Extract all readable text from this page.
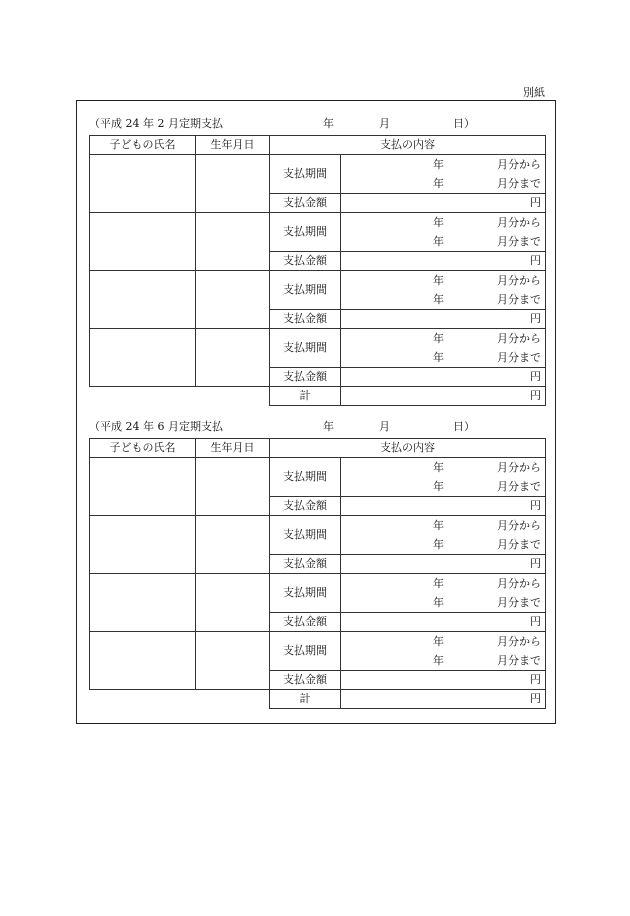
別紙
（平成 24 年 2 月定期支払	年	月	日）
子どもの氏名	生年月日	支払の内容	
		支払期間	年 月分から
年 月分まで

		支払金額	円
		支払期間	年 月分から
年 月分まで

		支払金額	円
		支払期間	年 月分から
年 月分まで

		支払金額	円
		支払期間	年 月分から
年 月分まで

		支払金額	円
		計	円
（平成 24 年 6 月定期支払	年	月	日）
子どもの氏名	生年月日	支払の内容	
		支払期間	年 月分から
年 月分まで

		支払金額	円
		支払期間	年 月分から
年 月分まで

		支払金額	円
		支払期間	年 月分から
年 月分まで

		支払金額	円
		支払期間	年 月分から
年 月分まで

		支払金額	円
		計	円
